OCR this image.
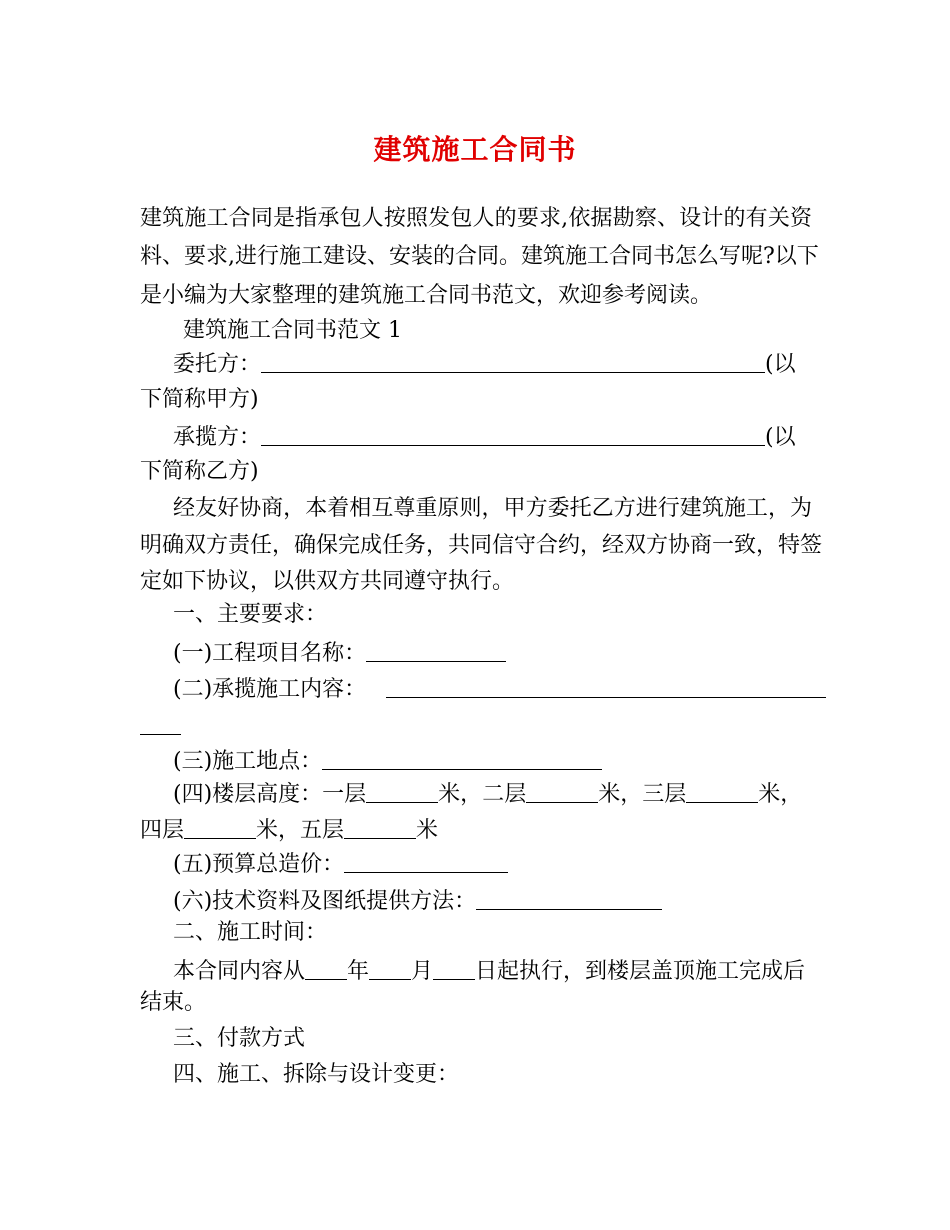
建筑施工合同书
建筑施工合同是指承包人按照发包人的要求,依据勘察、设计的有关资
料、要求,进行施工建设、安装的合同。建筑施工合同书怎么写呢?以下
是小编为大家整理的建筑施工合同书范文，欢迎参考阅读。
建筑施工合同书范文 1
委托方：	(以
下简称甲方)
承揽方：	(以
下简称乙方)
经友好协商，本着相互尊重原则，甲方委托乙方进行建筑施工，为
明确双方责任，确保完成任务，共同信守合约，经双方协商一致，特签
定如下协议，以供双方共同遵守执行。
一、主要要求：
(一)工程项目名称：
(二)承揽施工内容：
(三)施工地点：
(四)楼层高度：一层	米，二层	米，三层	米，
四层	米，五层	米
(五)预算总造价：
(六)技术资料及图纸提供方法：
二、施工时间：
本合同内容从 年 月 日起执行，到楼层盖顶施工完成后
结束。
三、付款方式
四、施工、拆除与设计变更：
